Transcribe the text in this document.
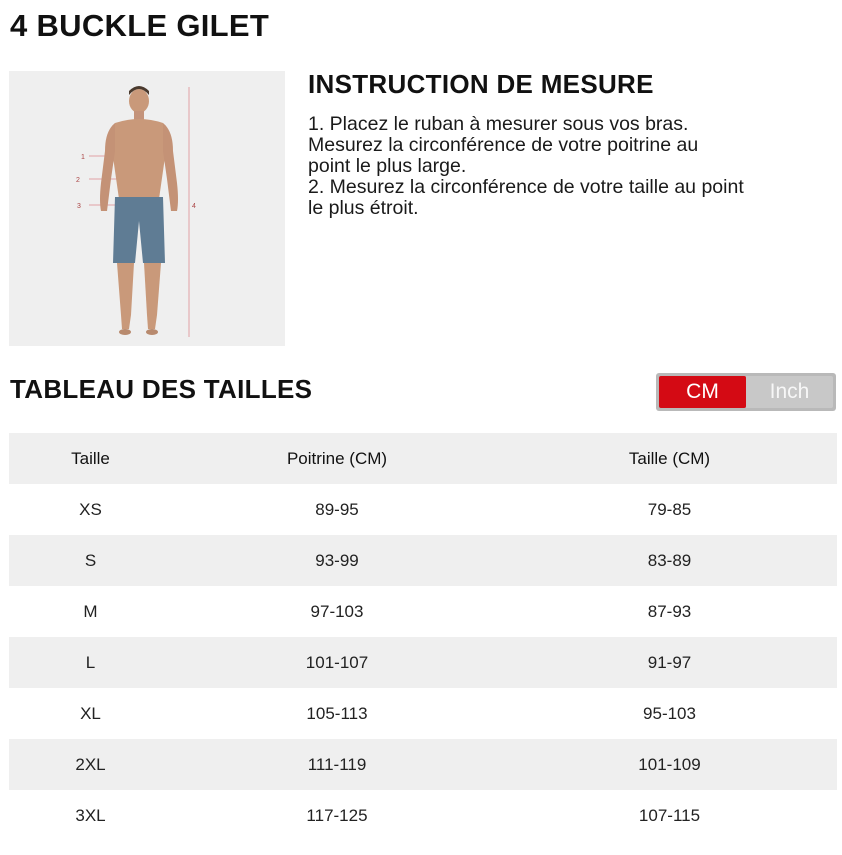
4 BUCKLE GILET
1
2
3	4
INSTRUCTION DE MESURE
1. Placez le ruban à mesurer sous vos bras.
Mesurez la circonférence de votre poitrine au
point le plus large.
2. Mesurez la circonférence de votre taille au point
le plus étroit.
TABLEAU DES TAILLES	CM	Inch
Taille	Poitrine (CM)	Taille (CM)
XS	89-95	79-85
S	93-99	83-89
M	97-103	87-93
L	101-107	91-97
XL	105-113	95-103
2XL	111-119	101-109
3XL	117-125	107-115
